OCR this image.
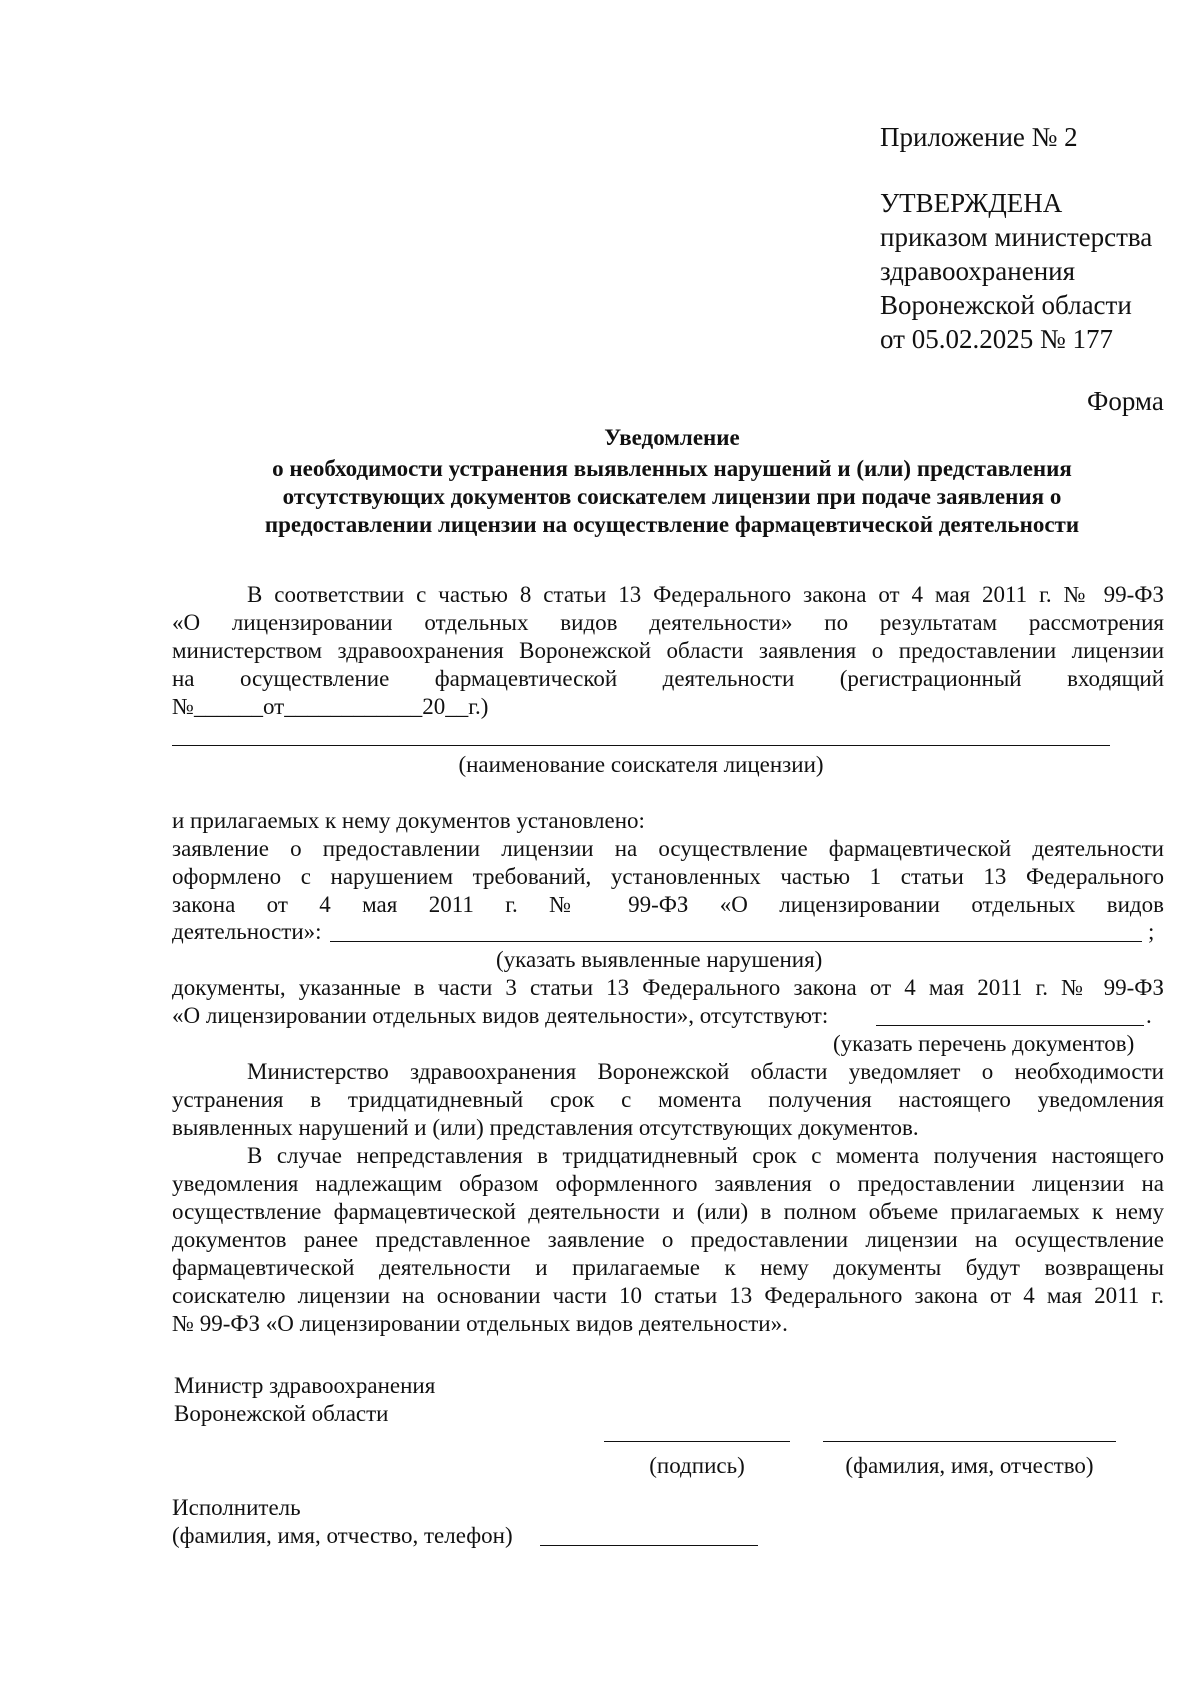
Приложение № 2
УТВЕРЖДЕНА
приказом министерства
здравоохранения
Воронежской области
от 05.02.2025 № 177
Форма
Уведомление
о необходимости устранения выявленных нарушений и (или) представления
отсутствующих документов соискателем лицензии при подаче заявления о
предоставлении лицензии на осуществление фармацевтической деятельности
В соответствии с частью 8 статьи 13 Федерального закона от 4 мая 2011 г. № 99-ФЗ
«О лицензировании отдельных видов деятельности» по результатам рассмотрения
министерством здравоохранения Воронежской области заявления о предоставлении лицензии
на осуществление фармацевтической деятельности (регистрационный входящий
№______от____________20__г.)
(наименование соискателя лицензии)
и прилагаемых к нему документов установлено:
заявление о предоставлении лицензии на осуществление фармацевтической деятельности
оформлено с нарушением требований, установленных частью 1 статьи 13 Федерального
закона от 4 мая 2011 г. № 99-ФЗ «О лицензировании отдельных видов
деятельности»:	;
(указать выявленные нарушения)
документы, указанные в части 3 статьи 13 Федерального закона от 4 мая 2011 г. № 99-ФЗ
«О лицензировании отдельных видов деятельности», отсутствуют:	.
(указать перечень документов)
Министерство здравоохранения Воронежской области уведомляет о необходимости
устранения в тридцатидневный срок с момента получения настоящего уведомления
выявленных нарушений и (или) представления отсутствующих документов.
В случае непредставления в тридцатидневный срок с момента получения настоящего
уведомления надлежащим образом оформленного заявления о предоставлении лицензии на
осуществление фармацевтической деятельности и (или) в полном объеме прилагаемых к нему
документов ранее представленное заявление о предоставлении лицензии на осуществление
фармацевтической деятельности и прилагаемые к нему документы будут возвращены
соискателю лицензии на основании части 10 статьи 13 Федерального закона от 4 мая 2011 г.
№ 99-ФЗ «О лицензировании отдельных видов деятельности».
Министр здравоохранения
Воронежской области
(подпись)	(фамилия, имя, отчество)
Исполнитель
(фамилия, имя, отчество, телефон)
